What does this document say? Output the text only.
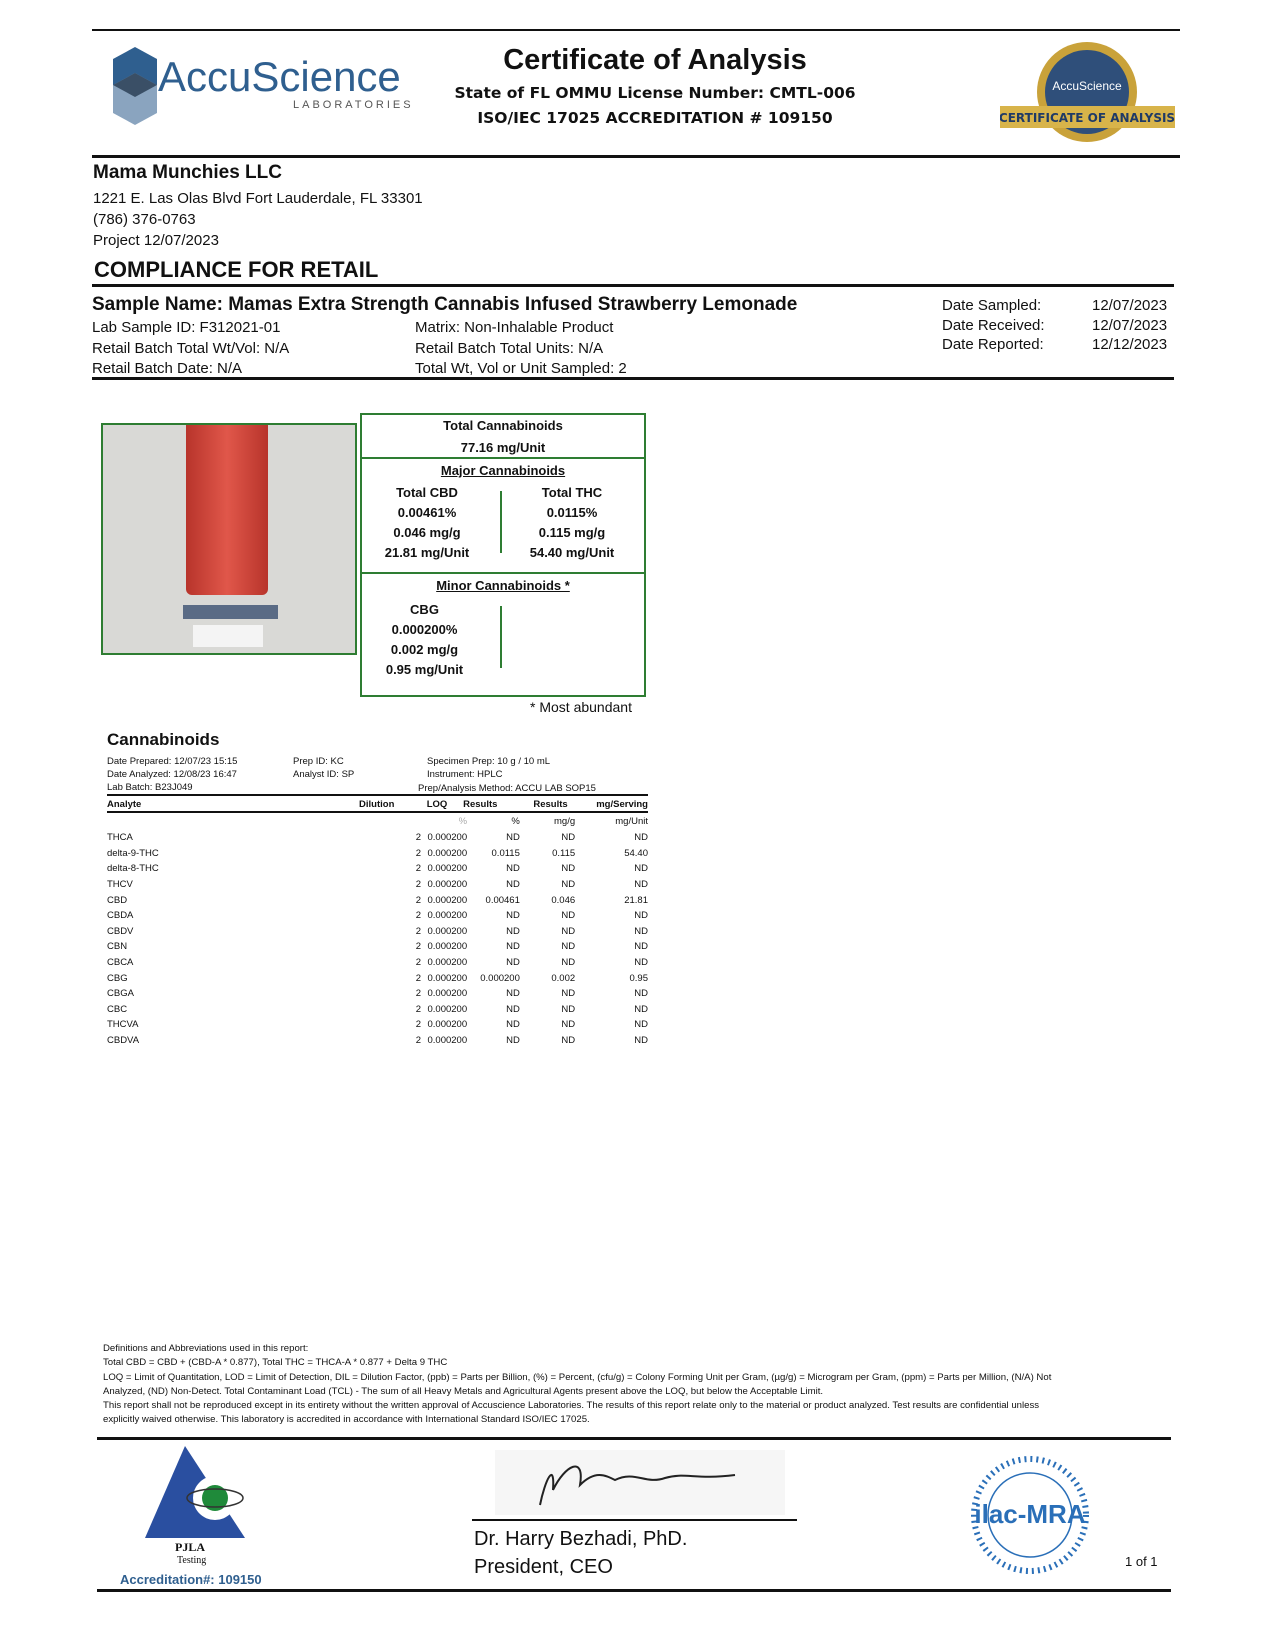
AccuScience
LABORATORIES
Certificate of Analysis
State of FL OMMU License Number: CMTL-006
ISO/IEC 17025 ACCREDITATION # 109150	CERTIFICATE OF ANALYSIS
AccuScience
Mama Munchies LLC
1221 E. Las Olas Blvd Fort Lauderdale, FL 33301
(786) 376-0763
Project 12/07/2023
COMPLIANCE FOR RETAIL
Sample Name: Mamas Extra Strength Cannabis Infused Strawberry Lemonade
Lab Sample ID: F312021-01
Retail Batch Total Wt/Vol: N/A
Retail Batch Date: N/A
Matrix: Non-Inhalable Product
Retail Batch Total Units: N/A
Total Wt, Vol or Unit Sampled: 2
Date Sampled:	12/07/2023
Date Received:	12/07/2023
Date Reported:	12/12/2023
Total Cannabinoids
77.16 mg/Unit
Major Cannabinoids
Total CBD
0.00461%
0.046 mg/g
21.81 mg/Unit
Total THC
0.0115%
0.115 mg/g
54.40 mg/Unit
Minor Cannabinoids *
CBG
0.000200%
0.002 mg/g
0.95 mg/Unit
* Most abundant
Cannabinoids
Date Prepared: 12/07/23 15:15
Date Analyzed: 12/08/23 16:47
Lab Batch: B23J049
Prep ID: KC
Analyst ID: SP
Specimen Prep: 10 g / 10 mL
Instrument: HPLC
Prep/Analysis Method: ACCU LAB SOP15
Analyte	Dilution	LOQ	Results	Results	mg/Serving
%	%	mg/g	mg/Unit
THCA	2 0.000200	ND	ND	ND
delta-9-THC	2 0.000200	0.0115	0.115	54.40
delta-8-THC	2 0.000200	ND	ND	ND
THCV	2 0.000200	ND	ND	ND
CBD	2 0.000200	0.00461	0.046	21.81
CBDA	2 0.000200	ND	ND	ND
CBDV	2 0.000200	ND	ND	ND
CBN	2 0.000200	ND	ND	ND
CBCA	2 0.000200	ND	ND	ND
CBG	2 0.000200	0.000200	0.002	0.95
CBGA	2 0.000200	ND	ND	ND
CBC	2 0.000200	ND	ND	ND
THCVA	2 0.000200	ND	ND	ND
CBDVA	2 0.000200	ND	ND	ND
Definitions and Abbreviations used in this report:
Total CBD = CBD + (CBD-A * 0.877), Total THC = THCA-A * 0.877 + Delta 9 THC
LOQ = Limit of Quantitation, LOD = Limit of Detection, DIL = Dilution Factor, (ppb) = Parts per Billion, (%) = Percent, (cfu/g) = Colony Forming Unit per Gram, (µg/g) = Microgram per Gram, (ppm) = Parts per Million, (N/A) Not Analyzed, (ND) Non-Detect. Total Contaminant Load (TCL) - The sum of all Heavy Metals and Agricultural Agents present above the LOQ, but below the Acceptable Limit.
This report shall not be reproduced except in its entirety without the written approval of Accuscience Laboratories. The results of this report relate only to the material or product analyzed. Test results are confidential unless explicitly waived otherwise. This laboratory is accredited in accordance with International Standard ISO/IEC 17025.
PJLA
Testing
Accreditation#: 109150
Dr. Harry Bezhadi, PhD.
President, CEO
ilac-MRA
1 of 1
